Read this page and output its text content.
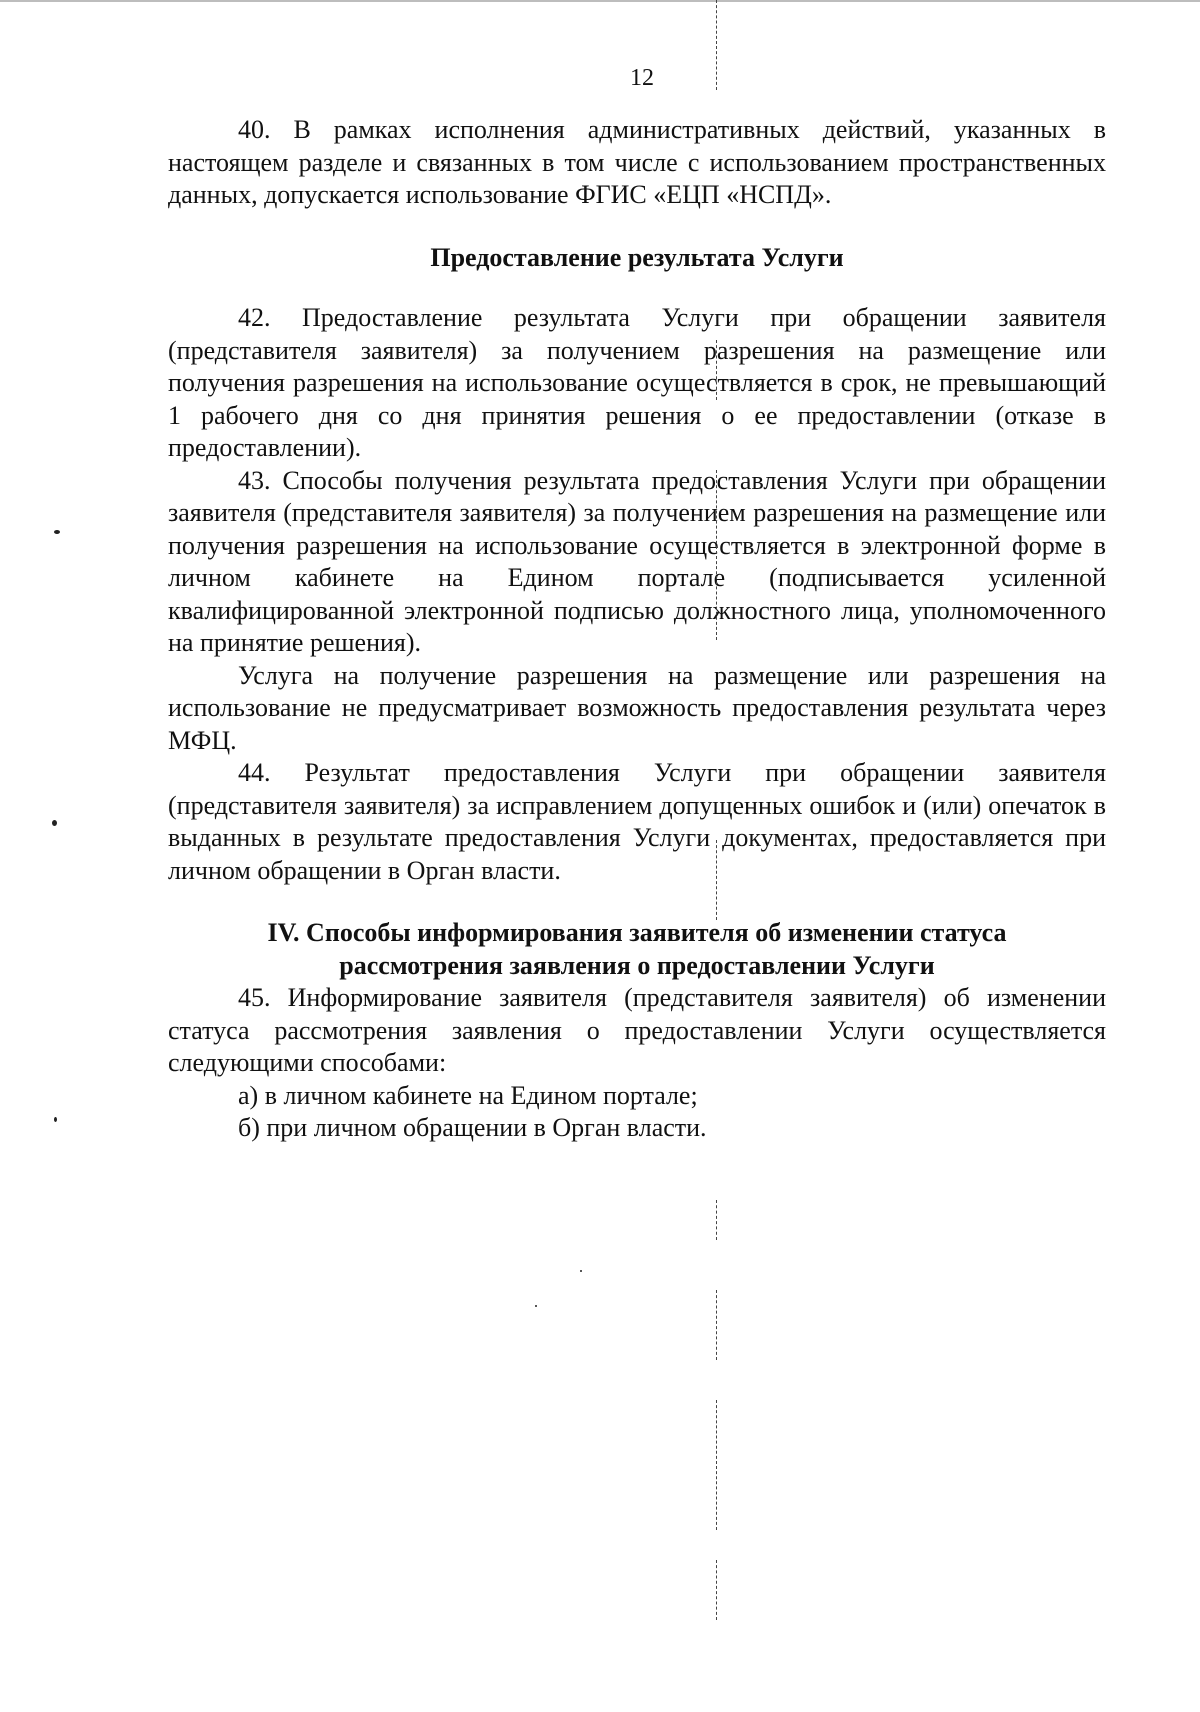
12

40. В рамках исполнения административных действий, указанных в настоящем разделе и связанных в том числе с использованием пространственных данных, допускается использование ФГИС «ЕЦП «НСПД».

Предоставление результата Услуги

42. Предоставление результата Услуги при обращении заявителя (представителя заявителя) за получением разрешения на размещение или получения разрешения на использование осуществляется в срок, не превышающий 1 рабочего дня со дня принятия решения о ее предоставлении (отказе в предоставлении).

43. Способы получения результата предоставления Услуги при обращении заявителя (представителя заявителя) за получением разрешения на размещение или получения разрешения на использование осуществляется в электронной форме в личном кабинете на Едином портале (подписывается усиленной квалифицированной электронной подписью должностного лица, уполномоченного на принятие решения).

Услуга на получение разрешения на размещение или разрешения на использование не предусматривает возможность предоставления результата через МФЦ.

44. Результат предоставления Услуги при обращении заявителя (представителя заявителя) за исправлением допущенных ошибок и (или) опечаток в выданных в результате предоставления Услуги документах, предоставляется при личном обращении в Орган власти.

IV. Способы информирования заявителя об изменении статуса
рассмотрения заявления о предоставлении Услуги

45. Информирование заявителя (представителя заявителя) об изменении статуса рассмотрения заявления о предоставлении Услуги осуществляется следующими способами:

а) в личном кабинете на Едином портале;

б) при личном обращении в Орган власти.
